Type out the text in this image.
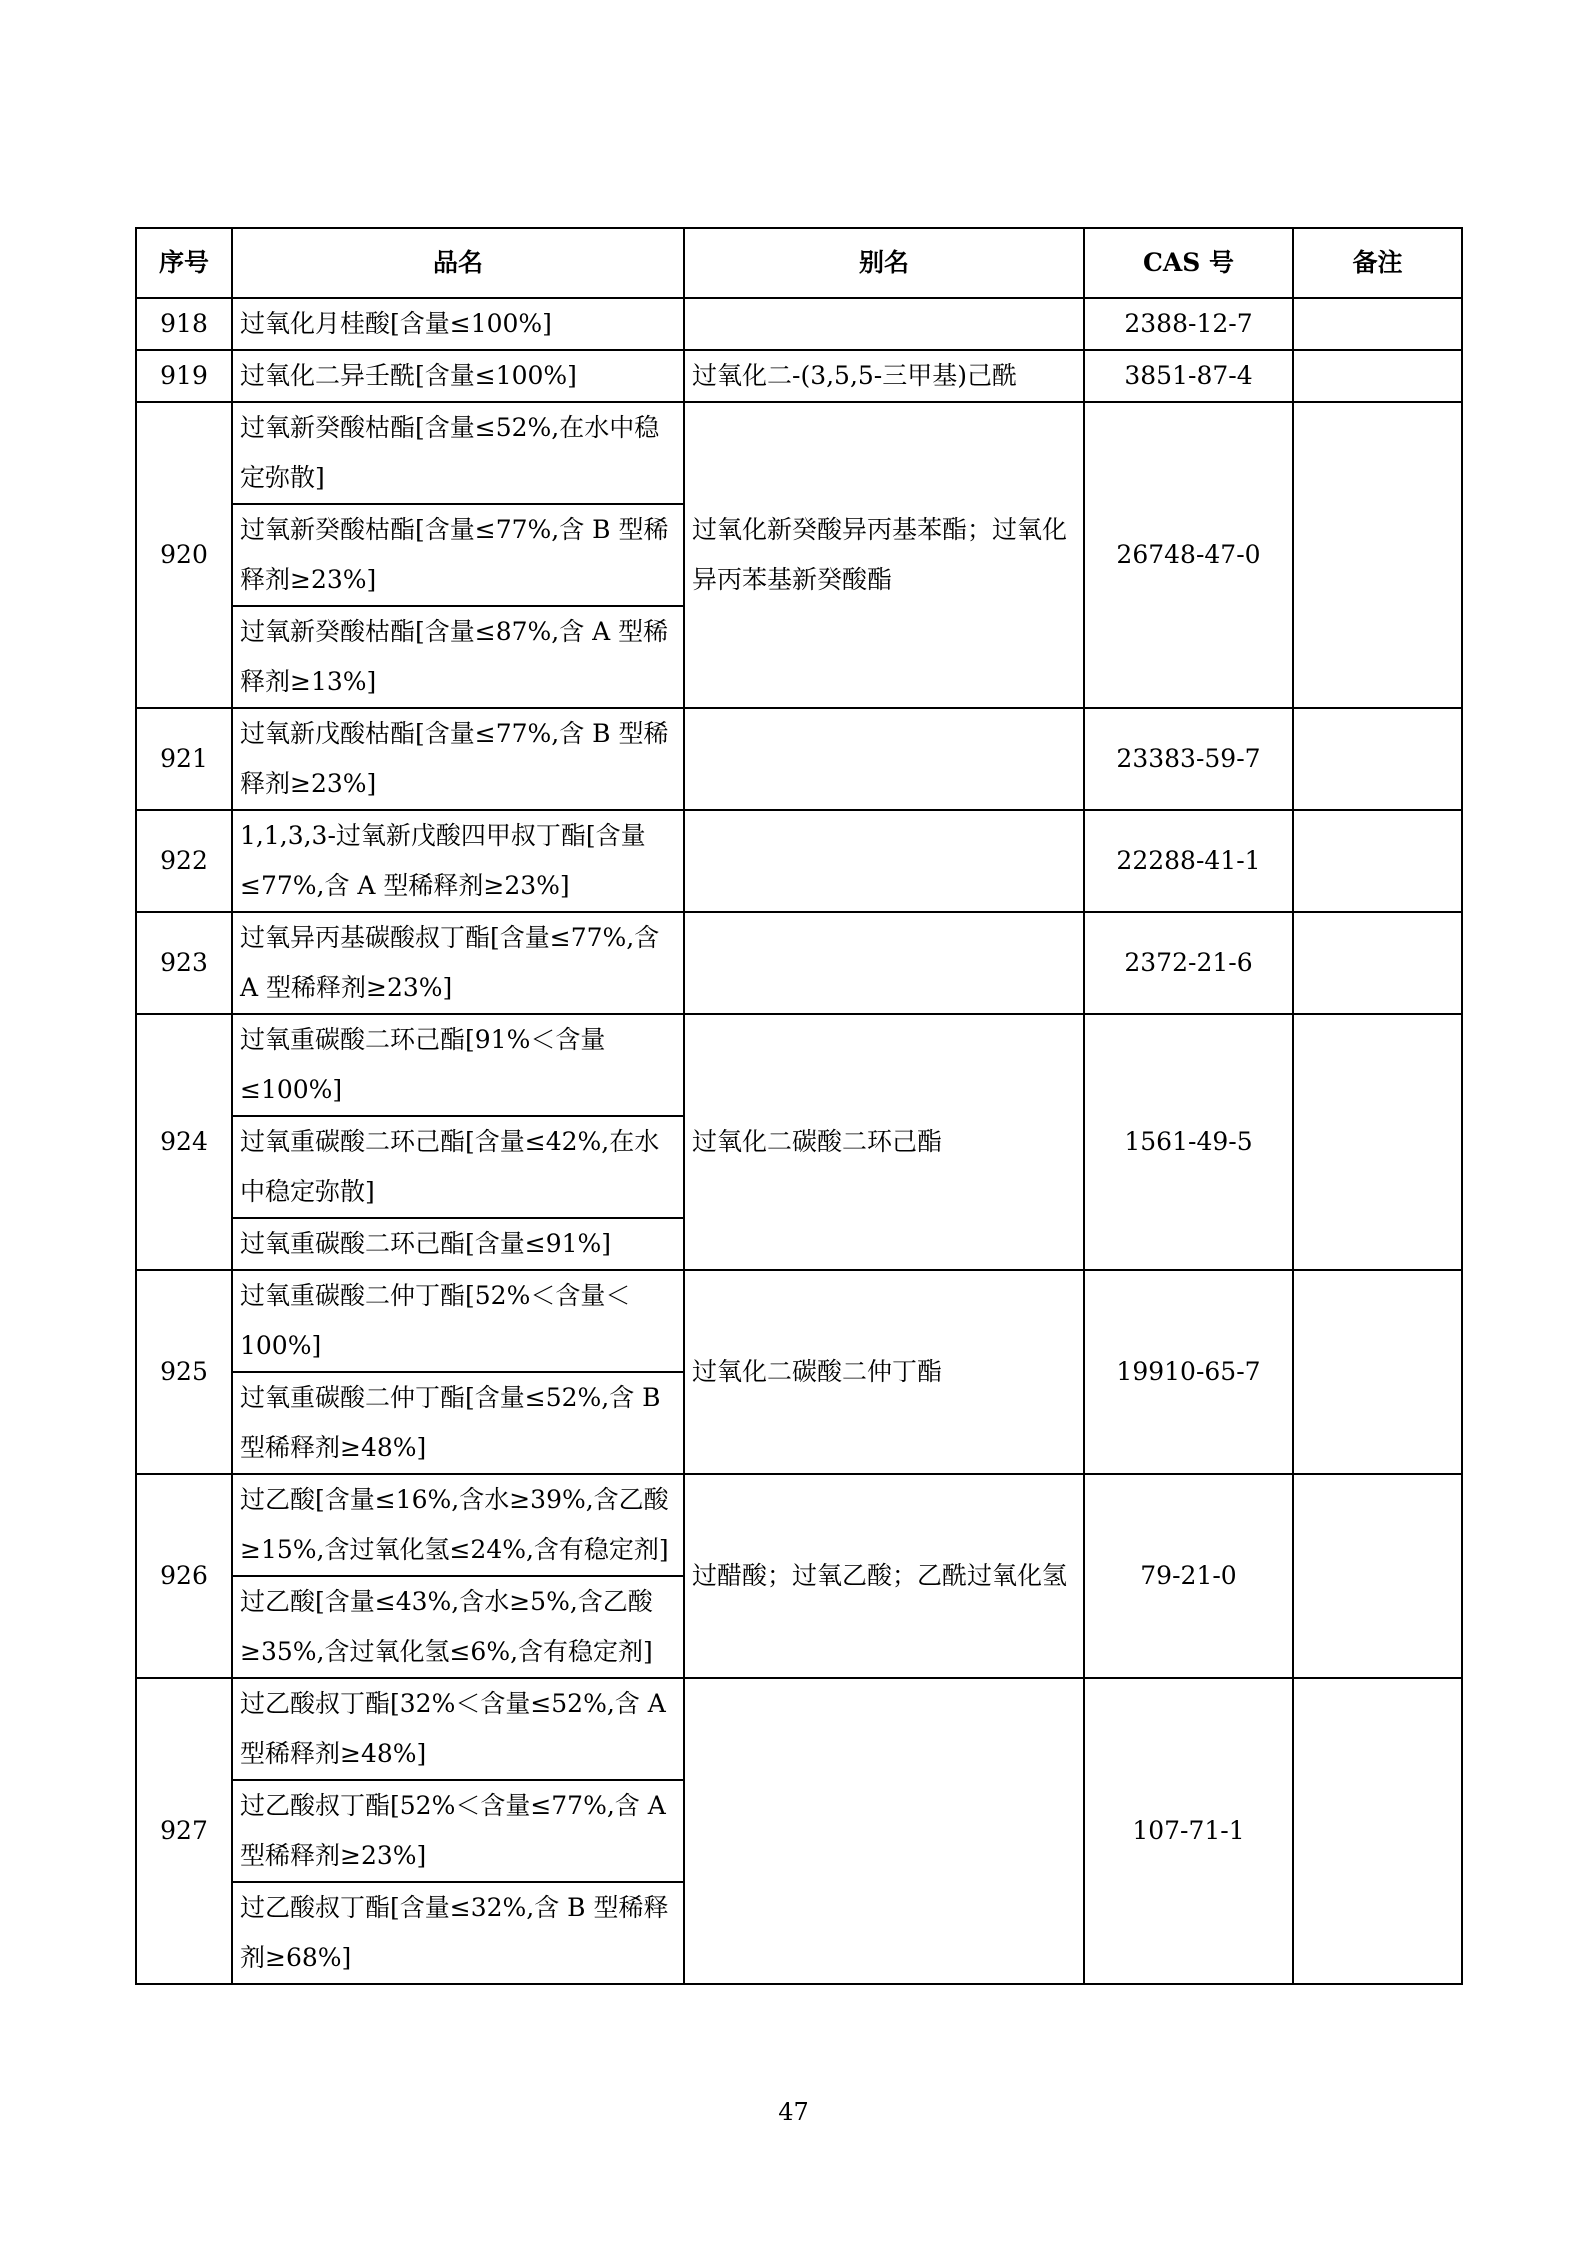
序号	品名	别名	CAS 号	备注
918	过氧化月桂酸[含量≤100%]		2388-12-7	
919	过氧化二异壬酰[含量≤100%]	过氧化二-(3,5,5-三甲基)己酰	3851-87-4	
920	过氧新癸酸枯酯[含量≤52%,在水中稳定弥散]	过氧化新癸酸异丙基苯酯；过氧化异丙苯基新癸酸酯	26748-47-0	
	过氧新癸酸枯酯[含量≤77%,含 B 型稀释剂≥23%]			
	过氧新癸酸枯酯[含量≤87%,含 A 型稀释剂≥13%]			
921	过氧新戊酸枯酯[含量≤77%,含 B 型稀释剂≥23%]		23383-59-7	
922	1,1,3,3-过氧新戊酸四甲叔丁酯[含量≤77%,含 A 型稀释剂≥23%]		22288-41-1	
923	过氧异丙基碳酸叔丁酯[含量≤77%,含 A 型稀释剂≥23%]		2372-21-6	
924	过氧重碳酸二环己酯[91%＜含量≤100%]	过氧化二碳酸二环己酯	1561-49-5	
	过氧重碳酸二环己酯[含量≤42%,在水中稳定弥散]			
	过氧重碳酸二环己酯[含量≤91%]			
925	过氧重碳酸二仲丁酯[52%＜含量＜100%]	过氧化二碳酸二仲丁酯	19910-65-7	
	过氧重碳酸二仲丁酯[含量≤52%,含 B 型稀释剂≥48%]			
926	过乙酸[含量≤16%,含水≥39%,含乙酸≥15%,含过氧化氢≤24%,含有稳定剂]	过醋酸；过氧乙酸；乙酰过氧化氢	79-21-0	
	过乙酸[含量≤43%,含水≥5%,含乙酸≥35%,含过氧化氢≤6%,含有稳定剂]			
927	过乙酸叔丁酯[32%＜含量≤52%,含 A 型稀释剂≥48%]		107-71-1	
	过乙酸叔丁酯[52%＜含量≤77%,含 A 型稀释剂≥23%]			
	过乙酸叔丁酯[含量≤32%,含 B 型稀释剂≥68%]			
47
